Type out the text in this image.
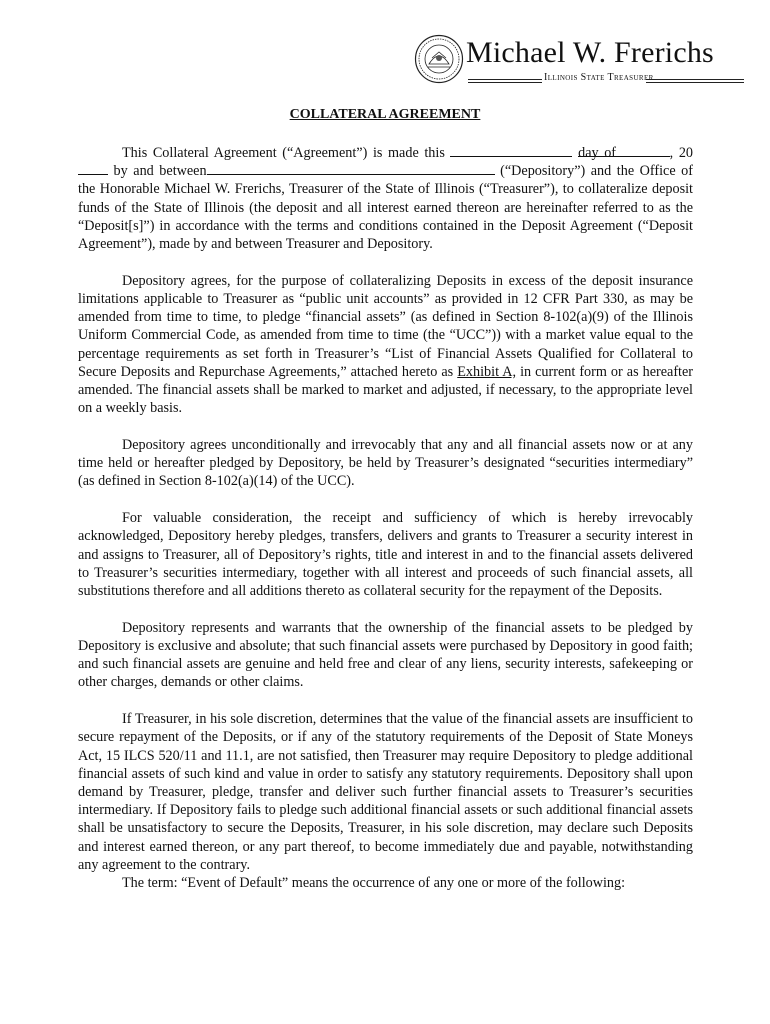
Michael W. Frerichs
Illinois State Treasurer
COLLATERAL AGREEMENT

This Collateral Agreement (“Agreement”) is made this	day of	, 20 by and between	(“Depository”) and the Office of the Honorable Michael W. Frerichs, Treasurer of the State of Illinois (“Treasurer”), to collateralize deposit funds of the State of Illinois (the deposit and all interest earned thereon are hereinafter referred to as the “Deposit[s]”) in accordance with the terms and conditions contained in the Deposit Agreement (“Deposit Agreement”), made by and between Treasurer and Depository.

Depository agrees, for the purpose of collateralizing Deposits in excess of the deposit insurance limitations applicable to Treasurer as “public unit accounts” as provided in 12 CFR Part 330, as may be amended from time to time, to pledge “financial assets” (as defined in Section 8-102(a)(9) of the Illinois Uniform Commercial Code, as amended from time to time (the “UCC”)) with a market value equal to the percentage requirements as set forth in Treasurer’s “List of Financial Assets Qualified for Collateral to Secure Deposits and Repurchase Agreements,” attached hereto as Exhibit A, in current form or as hereafter amended. The financial assets shall be marked to market and adjusted, if necessary, to the appropriate level on a weekly basis.

Depository agrees unconditionally and irrevocably that any and all financial assets now or at any time held or hereafter pledged by Depository, be held by Treasurer’s designated “securities intermediary” (as defined in Section 8-102(a)(14) of the UCC).

For valuable consideration, the receipt and sufficiency of which is hereby irrevocably acknowledged, Depository hereby pledges, transfers, delivers and grants to Treasurer a security interest in and assigns to Treasurer, all of Depository’s rights, title and interest in and to the financial assets delivered to Treasurer’s securities intermediary, together with all interest and proceeds of such financial assets, all substitutions therefore and all additions thereto as collateral security for the repayment of the Deposits.

Depository represents and warrants that the ownership of the financial assets to be pledged by Depository is exclusive and absolute; that such financial assets were purchased by Depository in good faith; and such financial assets are genuine and held free and clear of any liens, security interests, safekeeping or other charges, demands or other claims.

If Treasurer, in his sole discretion, determines that the value of the financial assets are insufficient to secure repayment of the Deposits, or if any of the statutory requirements of the Deposit of State Moneys Act, 15 ILCS 520/11 and 11.1, are not satisfied, then Treasurer may require Depository to pledge additional financial assets of such kind and value in order to satisfy any statutory requirements. Depository shall upon demand by Treasurer, pledge, transfer and deliver such further financial assets to Treasurer’s securities intermediary. If Depository fails to pledge such additional financial assets or such additional financial assets shall be unsatisfactory to secure the Deposits, Treasurer, in his sole discretion, may declare such Deposits and interest earned thereon, or any part thereof, to become immediately due and payable, notwithstanding any agreement to the contrary.

The term: “Event of Default” means the occurrence of any one or more of the following:
